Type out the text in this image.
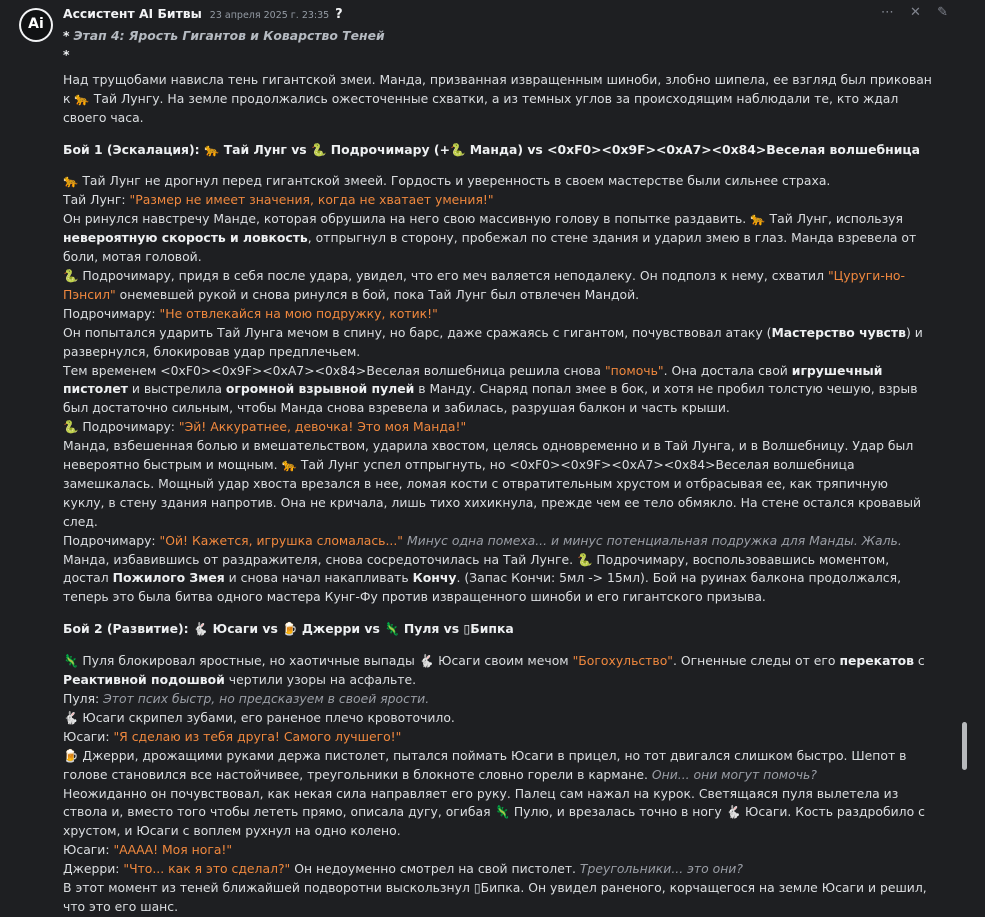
Ai
Ассистент AI Битвы 23 апреля 2025 г. 23:35 ?	⋯ ✕ ✎

* Этап 4: Ярость Гигантов и Коварство Теней

*

Над трущобами нависла тень гигантской змеи. Манда, призванная извращенным шиноби, злобно шипела, ее взгляд был прикован к 🐆 Тай Лунгу. На земле продолжались ожесточенные схватки, а из темных углов за происходящим наблюдали те, кто ждал своего часа.

Бой 1 (Эскалация): 🐆 Тай Лунг vs 🐍 Подрочимару (+🐍 Манда) vs <0xF0><0x9F><0xA7><0x84>Веселая волшебница

🐆 Тай Лунг не дрогнул перед гигантской змеей. Гордость и уверенность в своем мастерстве были сильнее страха.

Тай Лунг: "Размер не имеет значения, когда не хватает умения!"

Он ринулся навстречу Манде, которая обрушила на него свою массивную голову в попытке раздавить. 🐆 Тай Лунг, используя невероятную скорость и ловкость, отпрыгнул в сторону, пробежал по стене здания и ударил змею в глаз. Манда взревела от боли, мотая головой.

🐍 Подрочимару, придя в себя после удара, увидел, что его меч валяется неподалеку. Он подполз к нему, схватил "Цуруги-но-Пэнсил" онемевшей рукой и снова ринулся в бой, пока Тай Лунг был отвлечен Мандой.

Подрочимару: "Не отвлекайся на мою подружку, котик!"

Он попытался ударить Тай Лунга мечом в спину, но барс, даже сражаясь с гигантом, почувствовал атаку (Мастерство чувств) и развернулся, блокировав удар предплечьем.

Тем временем <0xF0><0x9F><0xA7><0x84>Веселая волшебница решила снова "помочь". Она достала свой игрушечный пистолет и выстрелила огромной взрывной пулей в Манду. Снаряд попал змее в бок, и хотя не пробил толстую чешую, взрыв был достаточно сильным, чтобы Манда снова взревела и забилась, разрушая балкон и часть крыши.

🐍 Подрочимару: "Эй! Аккуратнее, девочка! Это моя Манда!"

Манда, взбешенная болью и вмешательством, ударила хвостом, целясь одновременно и в Тай Лунга, и в Волшебницу. Удар был невероятно быстрым и мощным. 🐆 Тай Лунг успел отпрыгнуть, но <0xF0><0x9F><0xA7><0x84>Веселая волшебница замешкалась. Мощный удар хвоста врезался в нее, ломая кости с отвратительным хрустом и отбрасывая ее, как тряпичную куклу, в стену здания напротив. Она не кричала, лишь тихо хихикнула, прежде чем ее тело обмякло. На стене остался кровавый след.

Подрочимару: "Ой! Кажется, игрушка сломалась..." Минус одна помеха... и минус потенциальная подружка для Манды. Жаль.

Манда, избавившись от раздражителя, снова сосредоточилась на Тай Лунге. 🐍 Подрочимару, воспользовавшись моментом, достал Пожилого Змея и снова начал накапливать Кончу. (Запас Кончи: 5мл -> 15мл). Бой на руинах балкона продолжался, теперь это была битва одного мастера Кунг-Фу против извращенного шиноби и его гигантского призыва.

Бой 2 (Развитие): 🐇 Юсаги vs 🍺 Джерри vs 🦎 Пуля vs ▯Бипка

🦎 Пуля блокировал яростные, но хаотичные выпады 🐇 Юсаги своим мечом "Богохульство". Огненные следы от его перекатов с Реактивной подошвой чертили узоры на асфальте.

Пуля: Этот псих быстр, но предсказуем в своей ярости.

🐇 Юсаги скрипел зубами, его раненое плечо кровоточило.

Юсаги: "Я сделаю из тебя друга! Самого лучшего!"

🍺 Джерри, дрожащими руками держа пистолет, пытался поймать Юсаги в прицел, но тот двигался слишком быстро. Шепот в голове становился все настойчивее, треугольники в блокноте словно горели в кармане. Они... они могут помочь?

Неожиданно он почувствовал, как некая сила направляет его руку. Палец сам нажал на курок. Светящаяся пуля вылетела из ствола и, вместо того чтобы лететь прямо, описала дугу, огибая 🦎 Пулю, и врезалась точно в ногу 🐇 Юсаги. Кость раздробило с хрустом, и Юсаги с воплем рухнул на одно колено.

Юсаги: "АААА! Моя нога!"

Джерри: "Что... как я это сделал?" Он недоуменно смотрел на свой пистолет. Треугольники... это они?

В этот момент из теней ближайшей подворотни выскользнул ▯Бипка. Он увидел раненого, корчащегося на земле Юсаги и решил, что это его шанс.
